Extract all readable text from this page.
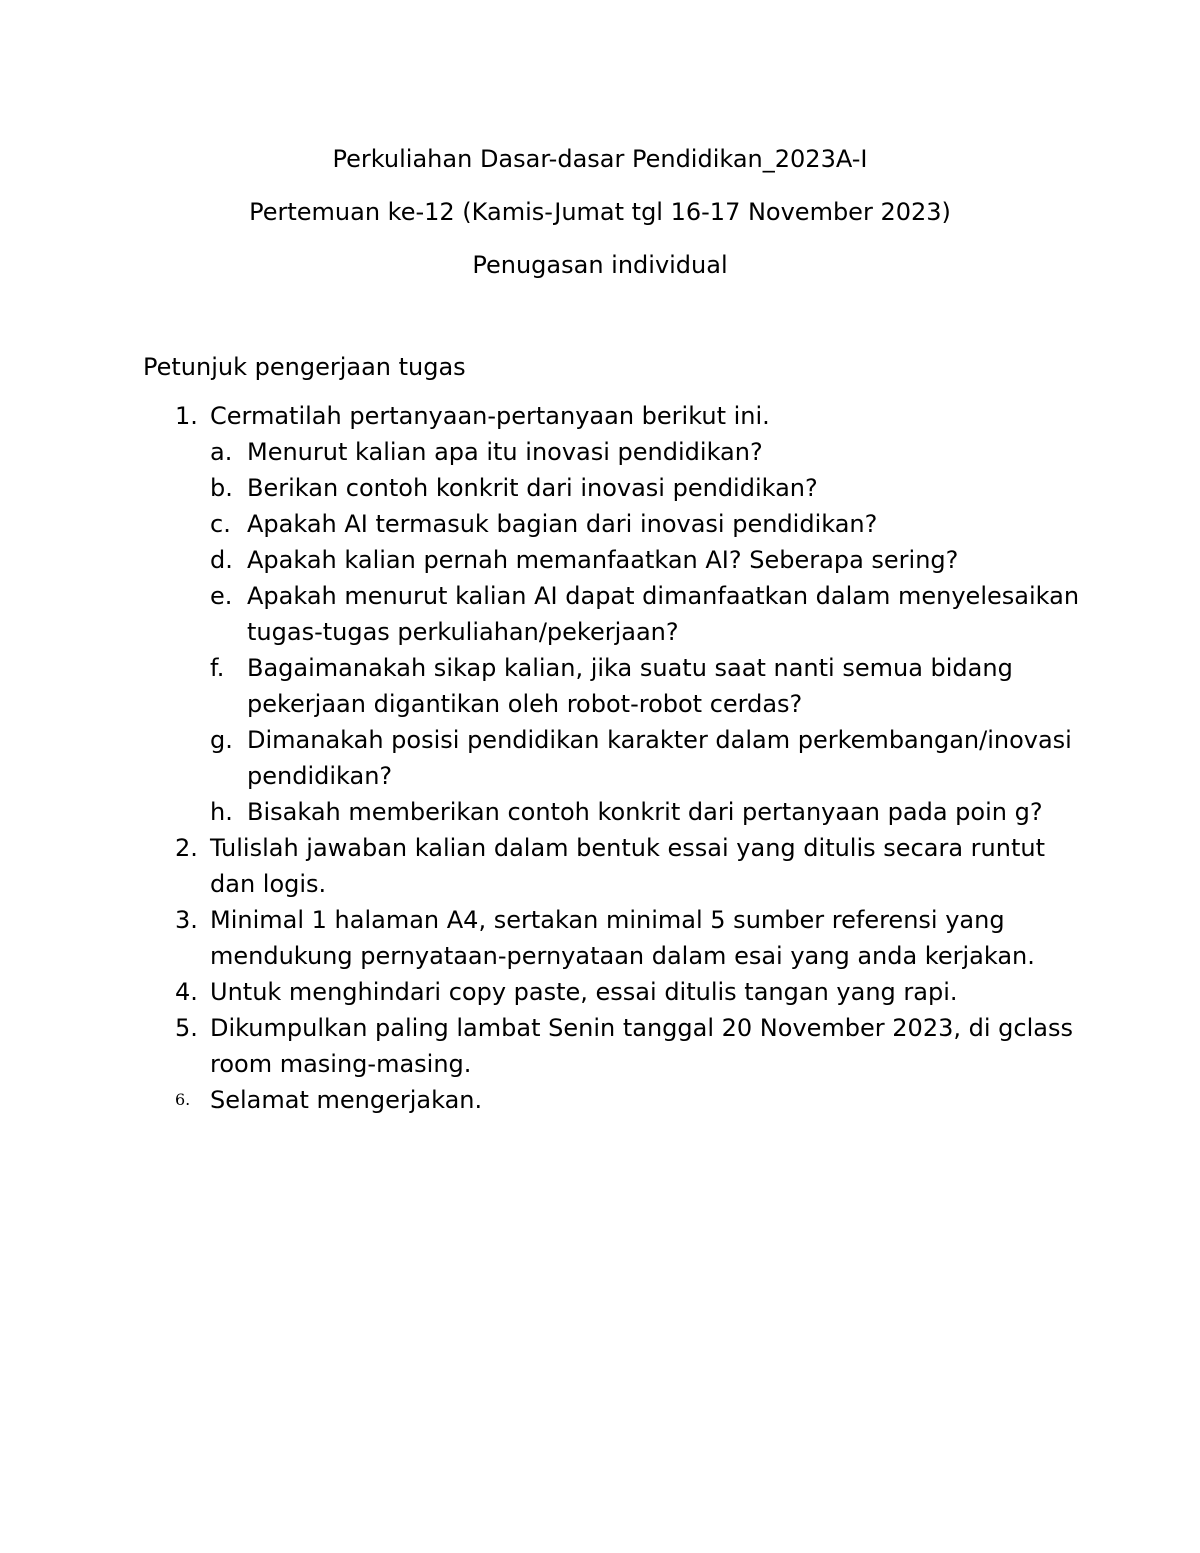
Perkuliahan Dasar-dasar Pendidikan_2023A-I
Pertemuan ke-12 (Kamis-Jumat tgl 16-17 November 2023)
Penugasan individual
Petunjuk pengerjaan tugas
1. Cermatilah pertanyaan-pertanyaan berikut ini.
a. Menurut kalian apa itu inovasi pendidikan?
b. Berikan contoh konkrit dari inovasi pendidikan?
c. Apakah AI termasuk bagian dari inovasi pendidikan?
d. Apakah kalian pernah memanfaatkan AI? Seberapa sering?
e. Apakah menurut kalian AI dapat dimanfaatkan dalam menyelesaikan tugas-tugas perkuliahan/pekerjaan?
f. Bagaimanakah sikap kalian, jika suatu saat nanti semua bidang pekerjaan digantikan oleh robot-robot cerdas?
g. Dimanakah posisi pendidikan karakter dalam perkembangan/inovasi pendidikan?
h. Bisakah memberikan contoh konkrit dari pertanyaan pada poin g?
2. Tulislah jawaban kalian dalam bentuk essai yang ditulis secara runtut dan logis.
3. Minimal 1 halaman A4, sertakan minimal 5 sumber referensi yang mendukung pernyataan-pernyataan dalam esai yang anda kerjakan.
4. Untuk menghindari copy paste, essai ditulis tangan yang rapi.
5. Dikumpulkan paling lambat Senin tanggal 20 November 2023, di gclass room masing-masing.
6. Selamat mengerjakan.
